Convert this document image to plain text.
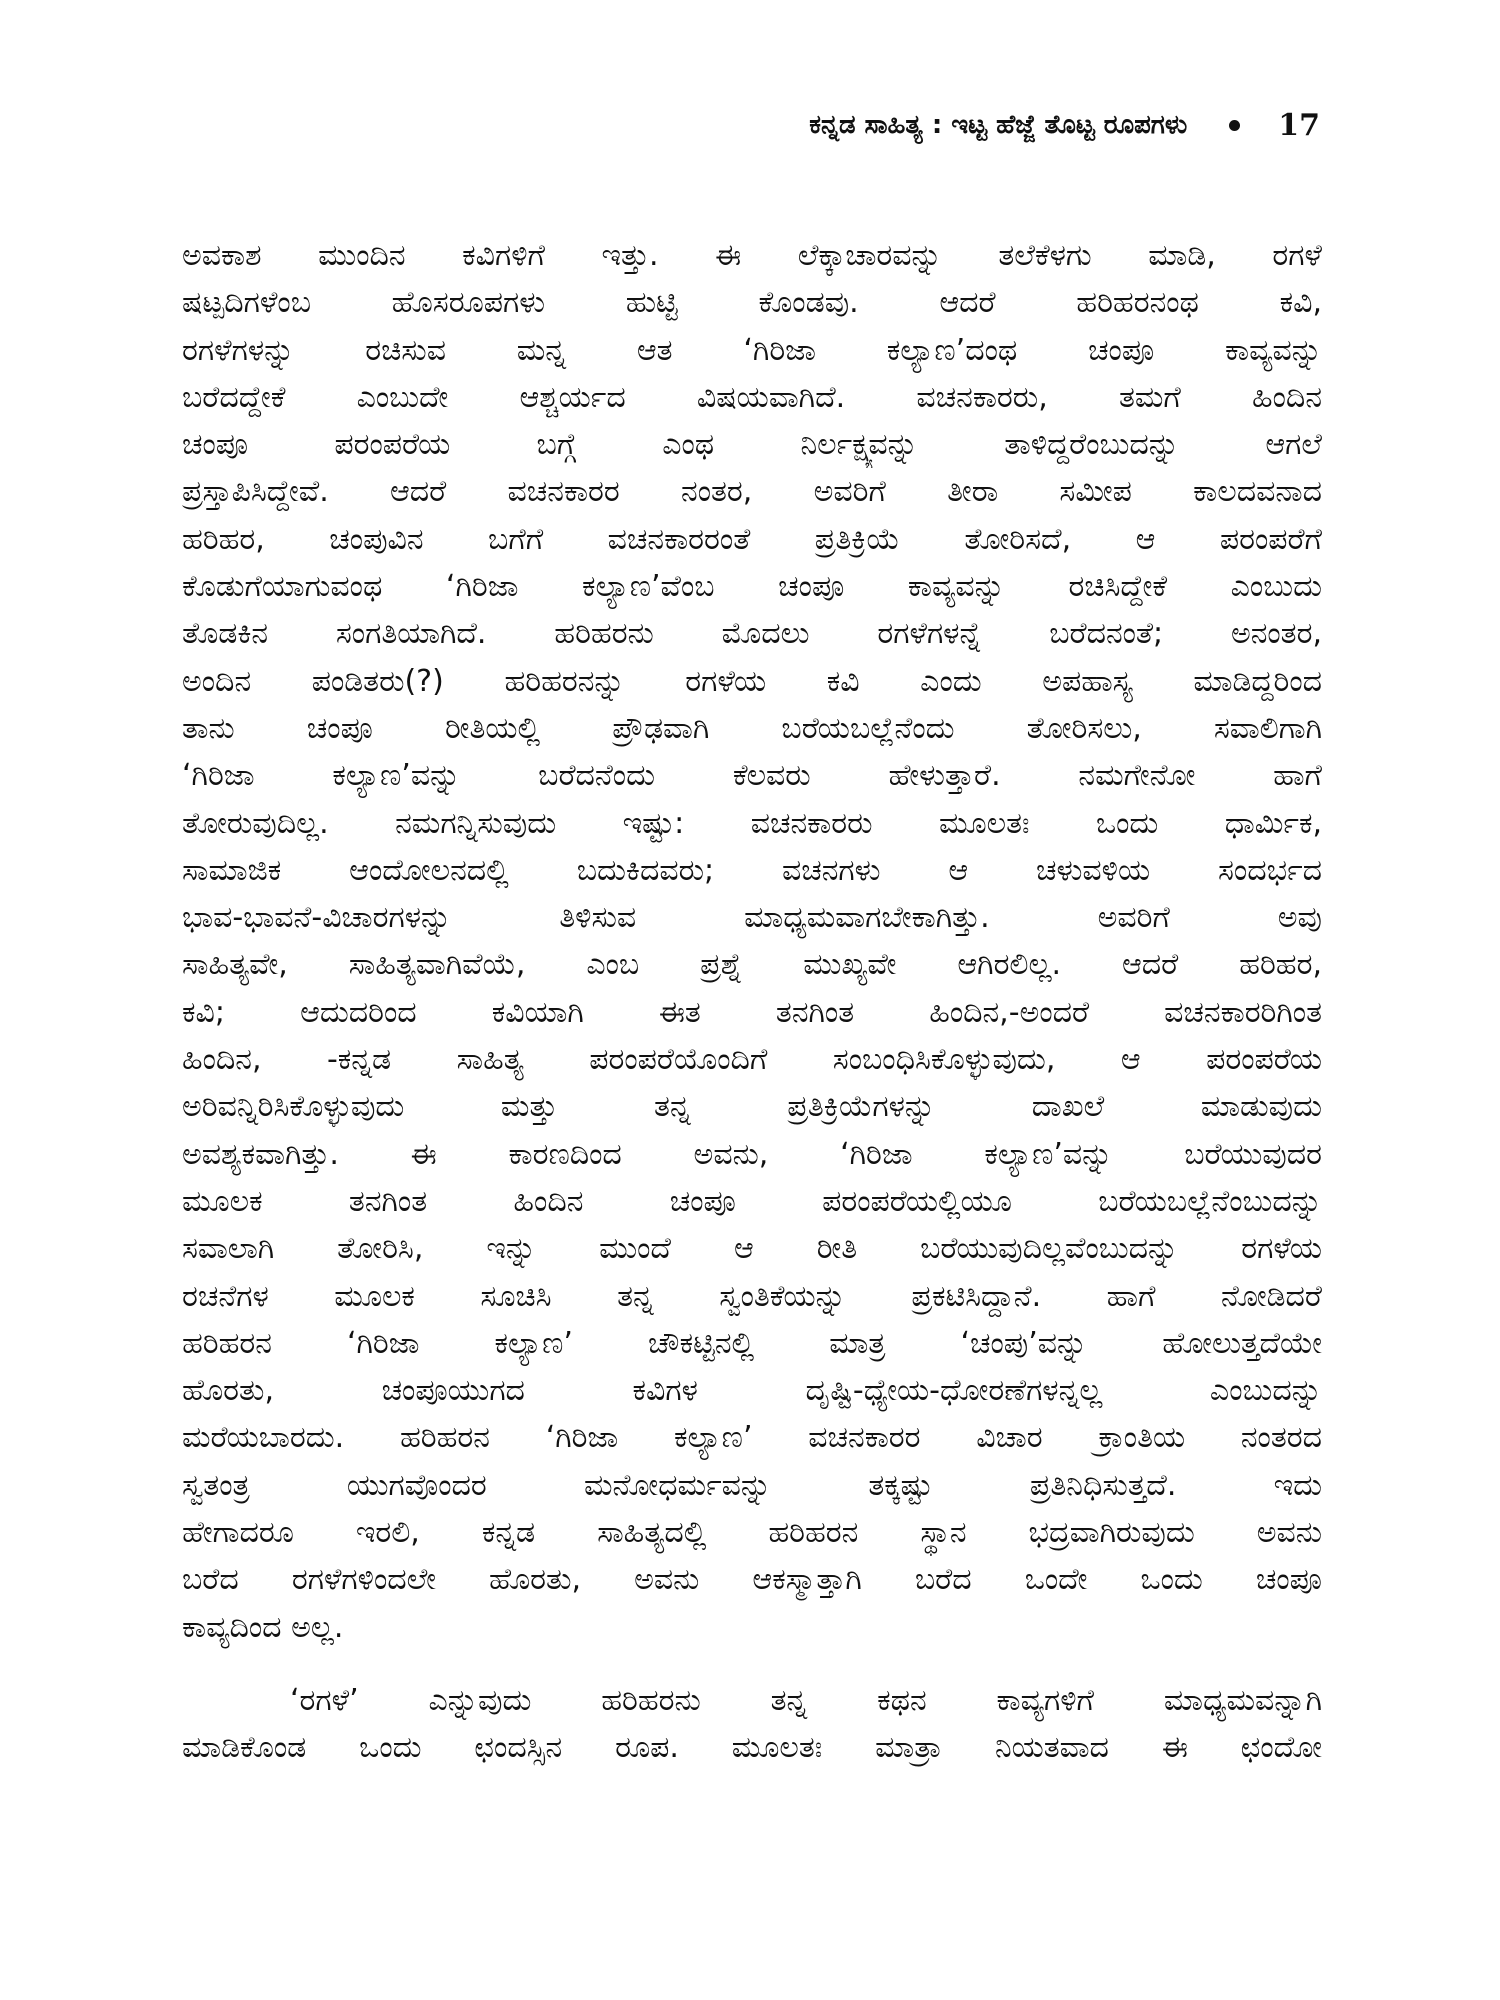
ಕನ್ನಡ ಸಾಹಿತ್ಯ : ಇಟ್ಟ ಹೆಜ್ಜೆ ತೊಟ್ಟ ರೂಪಗಳು	17
ಅವಕಾಶ ಮುಂದಿನ ಕವಿಗಳಿಗೆ ಇತ್ತು. ಈ ಲೆಕ್ಕಾಚಾರವನ್ನು ತಲೆಕೆಳಗು ಮಾಡಿ, ರಗಳೆ
ಷಟ್ಪದಿಗಳೆಂಬ ಹೊಸರೂಪಗಳು ಹುಟ್ಟಿ ಕೊಂಡವು. ಆದರೆ ಹರಿಹರನಂಥ ಕವಿ,
ರಗಳೆಗಳನ್ನು ರಚಿಸುವ ಮನ್ನ ಆತ ‘ಗಿರಿಜಾ ಕಲ್ಯಾಣ’ದಂಥ ಚಂಪೂ ಕಾವ್ಯವನ್ನು
ಬರೆದದ್ದೇಕೆ ಎಂಬುದೇ ಆಶ್ಚರ್ಯದ ವಿಷಯವಾಗಿದೆ. ವಚನಕಾರರು, ತಮಗೆ ಹಿಂದಿನ
ಚಂಪೂ ಪರಂಪರೆಯ ಬಗ್ಗೆ ಎಂಥ ನಿರ್ಲಕ್ಷ್ಯವನ್ನು ತಾಳಿದ್ದರೆಂಬುದನ್ನು ಆಗಲೆ
ಪ್ರಸ್ತಾಪಿಸಿದ್ದೇವೆ. ಆದರೆ ವಚನಕಾರರ ನಂತರ, ಅವರಿಗೆ ತೀರಾ ಸಮೀಪ ಕಾಲದವನಾದ
ಹರಿಹರ, ಚಂಪುವಿನ ಬಗೆಗೆ ವಚನಕಾರರಂತೆ ಪ್ರತಿಕ್ರಿಯೆ ತೋರಿಸದೆ, ಆ ಪರಂಪರೆಗೆ
ಕೊಡುಗೆಯಾಗುವಂಥ ‘ಗಿರಿಜಾ ಕಲ್ಯಾಣ’ವೆಂಬ ಚಂಪೂ ಕಾವ್ಯವನ್ನು ರಚಿಸಿದ್ದೇಕೆ ಎಂಬುದು
ತೊಡಕಿನ ಸಂಗತಿಯಾಗಿದೆ. ಹರಿಹರನು ಮೊದಲು ರಗಳೆಗಳನ್ನೆ ಬರೆದನಂತೆ; ಅನಂತರ,
ಅಂದಿನ ಪಂಡಿತರು(?) ಹರಿಹರನನ್ನು ರಗಳೆಯ ಕವಿ ಎಂದು ಅಪಹಾಸ್ಯ ಮಾಡಿದ್ದರಿಂದ
ತಾನು ಚಂಪೂ ರೀತಿಯಲ್ಲಿ ಪ್ರೌಢವಾಗಿ ಬರೆಯಬಲ್ಲೆನೆಂದು ತೋರಿಸಲು, ಸವಾಲಿಗಾಗಿ
‘ಗಿರಿಜಾ ಕಲ್ಯಾಣ’ವನ್ನು ಬರೆದನೆಂದು ಕೆಲವರು ಹೇಳುತ್ತಾರೆ. ನಮಗೇನೋ ಹಾಗೆ
ತೋರುವುದಿಲ್ಲ. ನಮಗನ್ನಿಸುವುದು ಇಷ್ಟು: ವಚನಕಾರರು ಮೂಲತಃ ಒಂದು ಧಾರ್ಮಿಕ,
ಸಾಮಾಜಿಕ ಆಂದೋಲನದಲ್ಲಿ ಬದುಕಿದವರು; ವಚನಗಳು ಆ ಚಳುವಳಿಯ ಸಂದರ್ಭದ
ಭಾವ-ಭಾವನೆ-ವಿಚಾರಗಳನ್ನು ತಿಳಿಸುವ ಮಾಧ್ಯಮವಾಗಬೇಕಾಗಿತ್ತು. ಅವರಿಗೆ ಅವು
ಸಾಹಿತ್ಯವೇ, ಸಾಹಿತ್ಯವಾಗಿವೆಯೆ, ಎಂಬ ಪ್ರಶ್ನೆ ಮುಖ್ಯವೇ ಆಗಿರಲಿಲ್ಲ. ಆದರೆ ಹರಿಹರ,
ಕವಿ; ಆದುದರಿಂದ ಕವಿಯಾಗಿ ಈತ ತನಗಿಂತ ಹಿಂದಿನ,-ಅಂದರೆ ವಚನಕಾರರಿಗಿಂತ
ಹಿಂದಿನ, -ಕನ್ನಡ ಸಾಹಿತ್ಯ ಪರಂಪರೆಯೊಂದಿಗೆ ಸಂಬಂಧಿಸಿಕೊಳ್ಳುವುದು, ಆ ಪರಂಪರೆಯ
ಅರಿವನ್ನಿರಿಸಿಕೊಳ್ಳುವುದು ಮತ್ತು ತನ್ನ ಪ್ರತಿಕ್ರಿಯೆಗಳನ್ನು ದಾಖಲೆ ಮಾಡುವುದು
ಅವಶ್ಯಕವಾಗಿತ್ತು. ಈ ಕಾರಣದಿಂದ ಅವನು, ‘ಗಿರಿಜಾ ಕಲ್ಯಾಣ’ವನ್ನು ಬರೆಯುವುದರ
ಮೂಲಕ ತನಗಿಂತ ಹಿಂದಿನ ಚಂಪೂ ಪರಂಪರೆಯಲ್ಲಿಯೂ ಬರೆಯಬಲ್ಲೆನೆಂಬುದನ್ನು
ಸವಾಲಾಗಿ ತೋರಿಸಿ, ಇನ್ನು ಮುಂದೆ ಆ ರೀತಿ ಬರೆಯುವುದಿಲ್ಲವೆಂಬುದನ್ನು ರಗಳೆಯ
ರಚನೆಗಳ ಮೂಲಕ ಸೂಚಿಸಿ ತನ್ನ ಸ್ವಂತಿಕೆಯನ್ನು ಪ್ರಕಟಿಸಿದ್ದಾನೆ. ಹಾಗೆ ನೋಡಿದರೆ
ಹರಿಹರನ ‘ಗಿರಿಜಾ ಕಲ್ಯಾಣ’ ಚೌಕಟ್ಟಿನಲ್ಲಿ ಮಾತ್ರ ‘ಚಂಪು’ವನ್ನು ಹೋಲುತ್ತದೆಯೇ
ಹೊರತು, ಚಂಪೂಯುಗದ ಕವಿಗಳ ದೃಷ್ಟಿ-ಧ್ಯೇಯ-ಧೋರಣೆಗಳನ್ನಲ್ಲ ಎಂಬುದನ್ನು
ಮರೆಯಬಾರದು. ಹರಿಹರನ ‘ಗಿರಿಜಾ ಕಲ್ಯಾಣ’ ವಚನಕಾರರ ವಿಚಾರ ಕ್ರಾಂತಿಯ ನಂತರದ
ಸ್ವತಂತ್ರ ಯುಗವೊಂದರ ಮನೋಧರ್ಮವನ್ನು ತಕ್ಕಷ್ಟು ಪ್ರತಿನಿಧಿಸುತ್ತದೆ. ಇದು
ಹೇಗಾದರೂ ಇರಲಿ, ಕನ್ನಡ ಸಾಹಿತ್ಯದಲ್ಲಿ ಹರಿಹರನ ಸ್ಥಾನ ಭದ್ರವಾಗಿರುವುದು ಅವನು
ಬರೆದ ರಗಳೆಗಳಿಂದಲೇ ಹೊರತು, ಅವನು ಆಕಸ್ಮಾತ್ತಾಗಿ ಬರೆದ ಒಂದೇ ಒಂದು ಚಂಪೂ
ಕಾವ್ಯದಿಂದ ಅಲ್ಲ.
‘ರಗಳೆ’ ಎನ್ನುವುದು ಹರಿಹರನು ತನ್ನ ಕಥನ ಕಾವ್ಯಗಳಿಗೆ ಮಾಧ್ಯಮವನ್ನಾಗಿ
ಮಾಡಿಕೊಂಡ ಒಂದು ಛಂದಸ್ಸಿನ ರೂಪ. ಮೂಲತಃ ಮಾತ್ರಾ ನಿಯತವಾದ ಈ ಛಂದೋ
